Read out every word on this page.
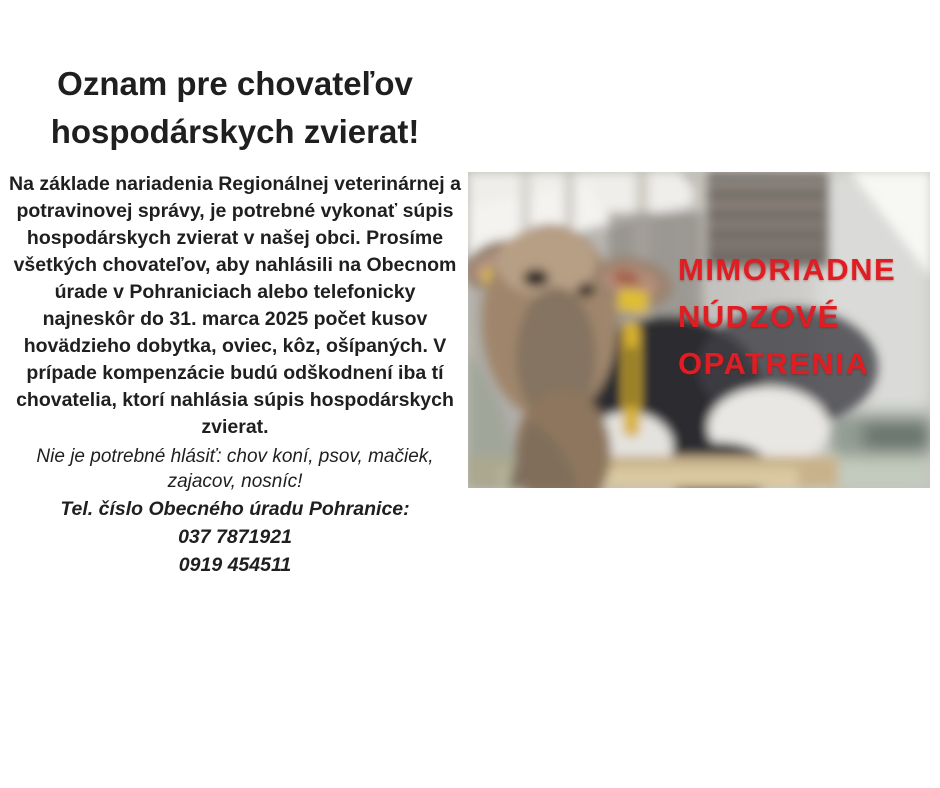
Oznam pre chovateľov hospodárskych zvierat!

Na základe nariadenia Regionálnej veterinárnej a potravinovej správy, je potrebné vykonať súpis hospodárskych zvierat v našej obci. Prosíme všetkých chovateľov, aby nahlásili na Obecnom úrade v Pohraniciach alebo telefonicky najneskôr do 31. marca 2025 počet kusov hovädzieho dobytka, oviec, kôz, ošípaných. V prípade kompenzácie budú odškodnení iba tí chovatelia, ktorí nahlásia súpis hospodárskych zvierat.

Nie je potrebné hlásiť: chov koní, psov, mačiek, zajacov, nosníc!

Tel. číslo Obecného úradu Pohranice:

037 7871921

0919 454511

MIMORIADNE
NÚDZOVÉ
OPATRENIA
